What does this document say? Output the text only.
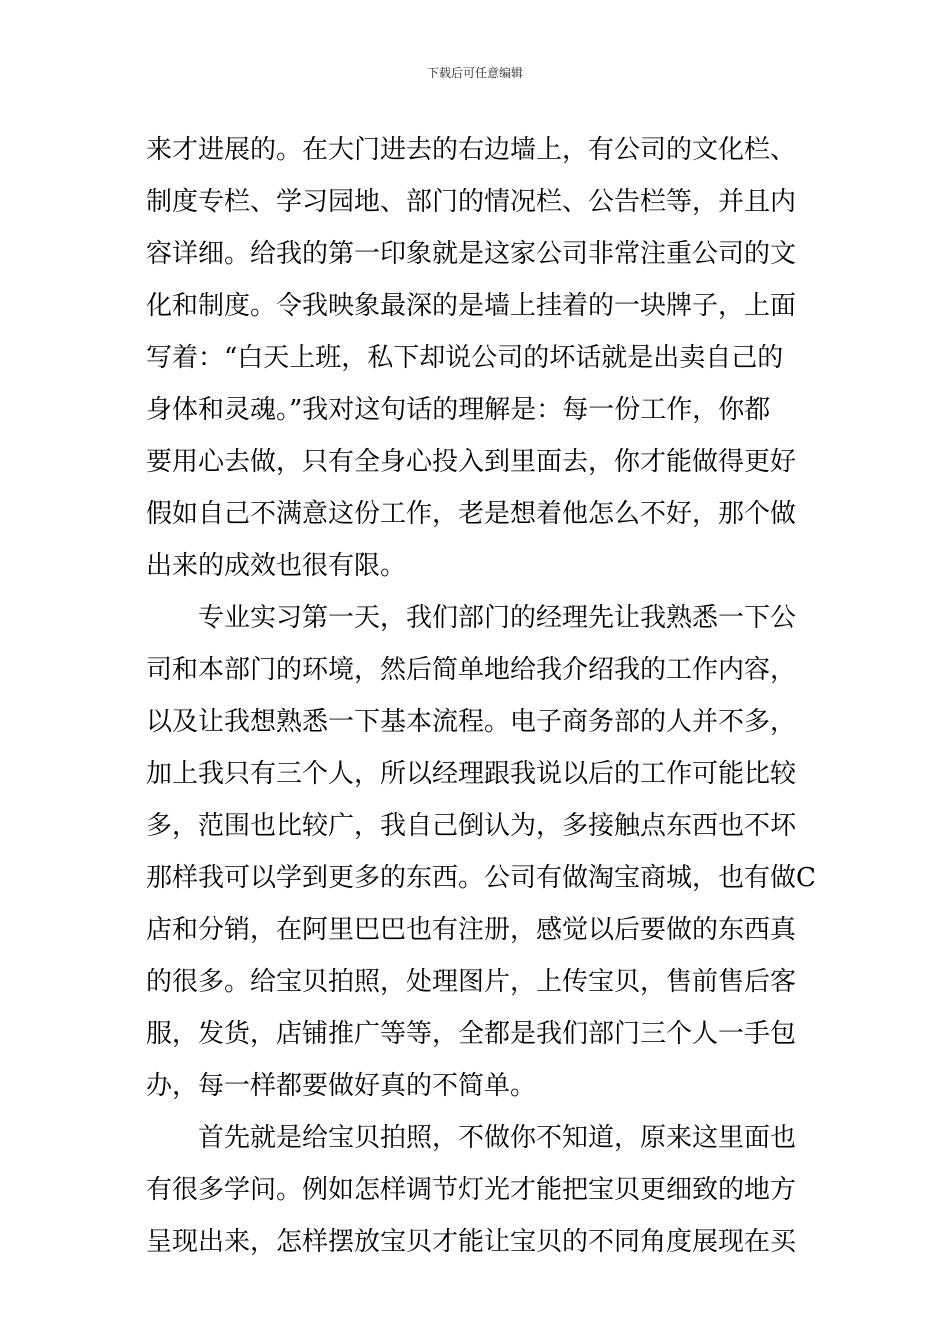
下载后可任意编辑
来才进展的。在大门进去的右边墙上，有公司的文化栏、
制度专栏、学习园地、部门的情况栏、公告栏等，并且内
容详细。给我的第一印象就是这家公司非常注重公司的文
化和制度。令我映象最深的是墙上挂着的一块牌子，上面
写着：“白天上班，私下却说公司的坏话就是出卖自己的
身体和灵魂。”我对这句话的理解是：每一份工作，你都
要用心去做，只有全身心投入到里面去，你才能做得更好
假如自己不满意这份工作，老是想着他怎么不好，那个做
出来的成效也很有限。
专业实习第一天，我们部门的经理先让我熟悉一下公
司和本部门的环境，然后简单地给我介绍我的工作内容，
以及让我想熟悉一下基本流程。电子商务部的人并不多，
加上我只有三个人，所以经理跟我说以后的工作可能比较
多，范围也比较广，我自己倒认为，多接触点东西也不坏
那样我可以学到更多的东西。公司有做淘宝商城，也有做C
店和分销，在阿里巴巴也有注册，感觉以后要做的东西真
的很多。给宝贝拍照，处理图片，上传宝贝，售前售后客
服，发货，店铺推广等等，全都是我们部门三个人一手包
办，每一样都要做好真的不简单。
首先就是给宝贝拍照，不做你不知道，原来这里面也
有很多学问。例如怎样调节灯光才能把宝贝更细致的地方
呈现出来，怎样摆放宝贝才能让宝贝的不同角度展现在买
